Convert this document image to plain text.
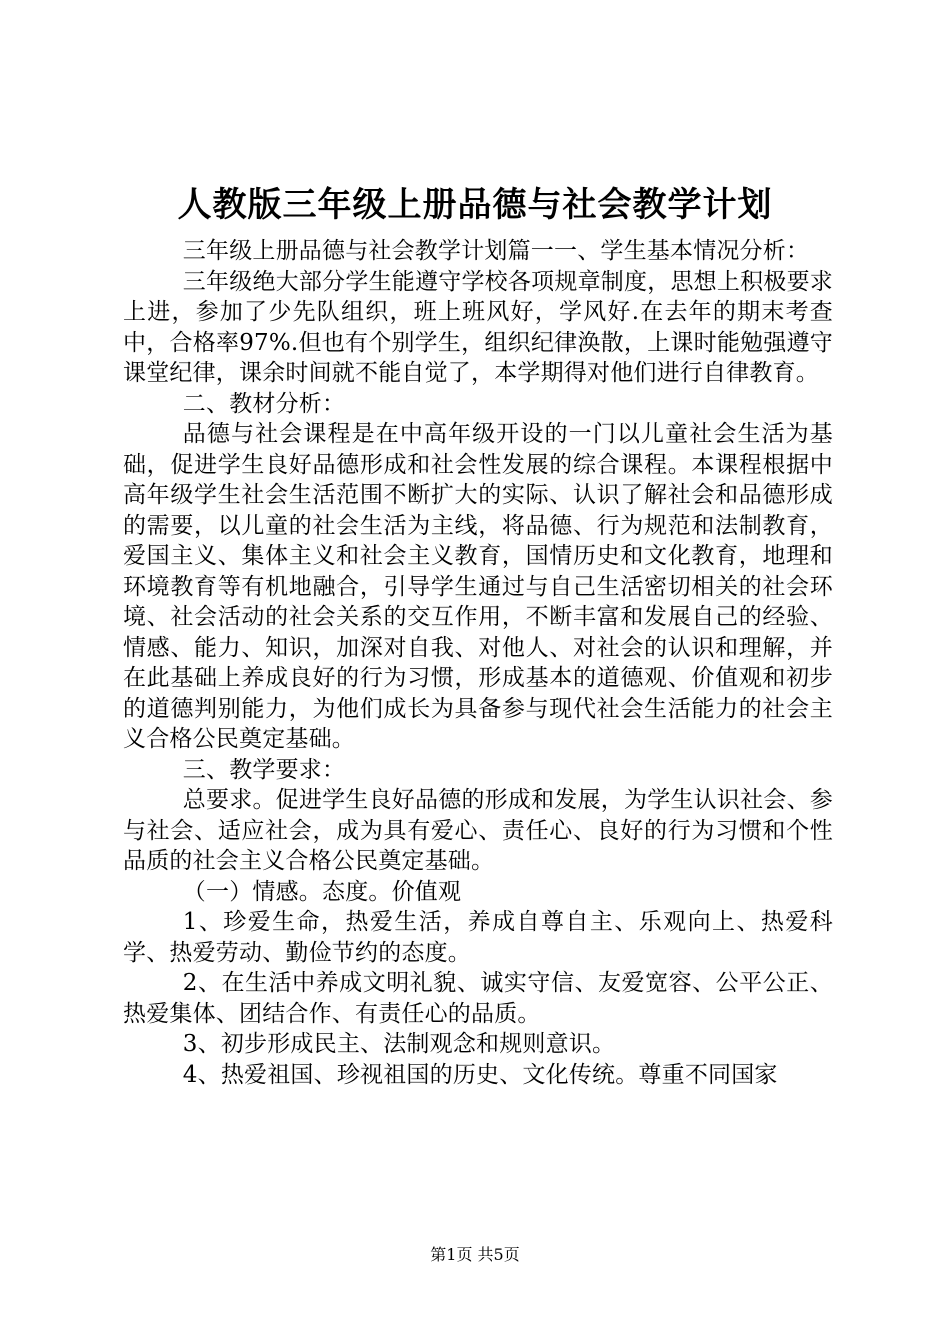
人教版三年级上册品德与社会教学计划

三年级上册品德与社会教学计划篇一一、学生基本情况分析：

三年级绝大部分学生能遵守学校各项规章制度，思想上积极要求上进，参加了少先队组织，班上班风好，学风好.在去年的期末考查中，合格率97%.但也有个别学生，组织纪律涣散，上课时能勉强遵守课堂纪律，课余时间就不能自觉了，本学期得对他们进行自律教育。

二、教材分析：

品德与社会课程是在中高年级开设的一门以儿童社会生活为基础，促进学生良好品德形成和社会性发展的综合课程。本课程根据中高年级学生社会生活范围不断扩大的实际、认识了解社会和品德形成的需要，以儿童的社会生活为主线，将品德、行为规范和法制教育，爱国主义、集体主义和社会主义教育，国情历史和文化教育，地理和环境教育等有机地融合，引导学生通过与自己生活密切相关的社会环境、社会活动的社会关系的交互作用，不断丰富和发展自己的经验、情感、能力、知识，加深对自我、对他人、对社会的认识和理解，并在此基础上养成良好的行为习惯，形成基本的道德观、价值观和初步的道德判别能力，为他们成长为具备参与现代社会生活能力的社会主义合格公民奠定基础。

三、教学要求：

总要求。促进学生良好品德的形成和发展，为学生认识社会、参与社会、适应社会，成为具有爱心、责任心、良好的行为习惯和个性品质的社会主义合格公民奠定基础。

（一）情感。态度。价值观

1、珍爱生命，热爱生活，养成自尊自主、乐观向上、热爱科学、热爱劳动、勤俭节约的态度。

2、在生活中养成文明礼貌、诚实守信、友爱宽容、公平公正、热爱集体、团结合作、有责任心的品质。

3、初步形成民主、法制观念和规则意识。

4、热爱祖国、珍视祖国的历史、文化传统。尊重不同国家

第1页 共5页
